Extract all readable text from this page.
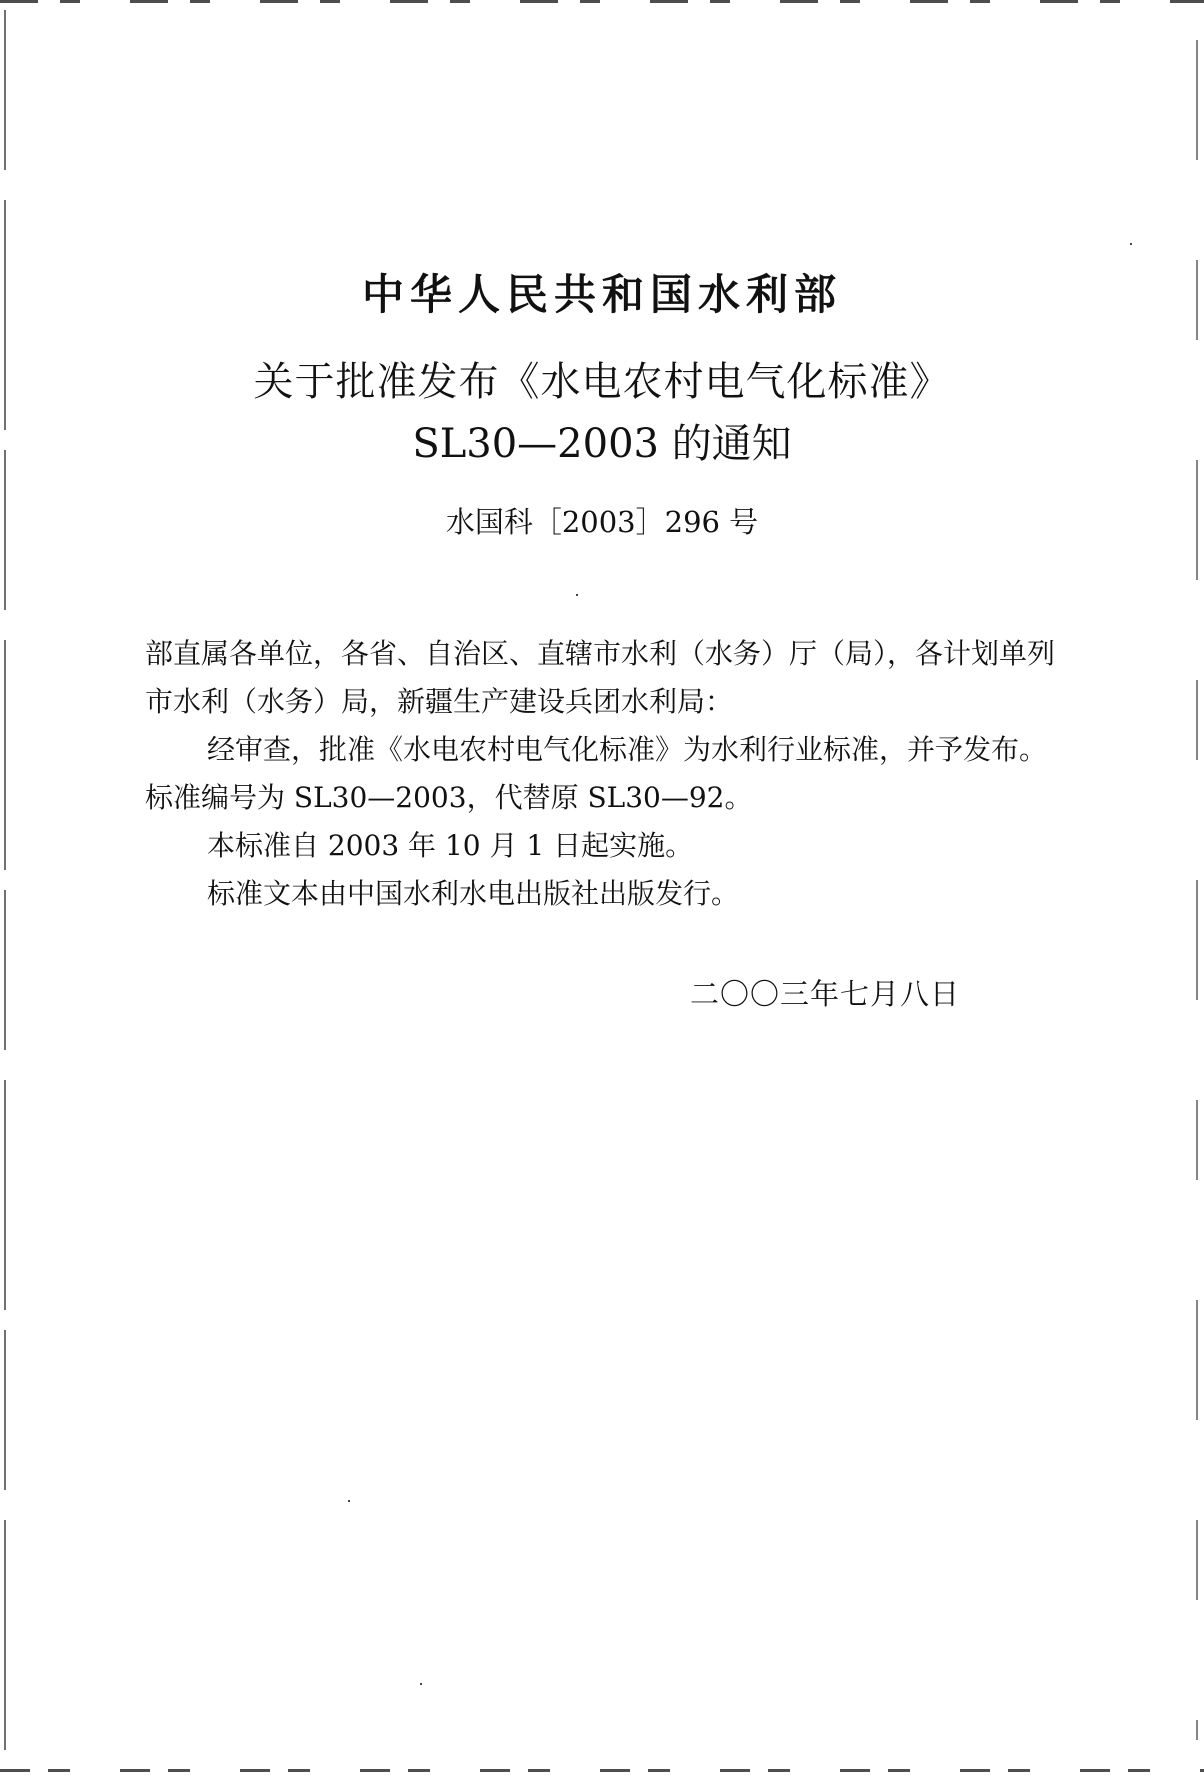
中华人民共和国水利部
关于批准发布《水电农村电气化标准》
SL30—2003 的通知
水国科［2003］296 号

部直属各单位，各省、自治区、直辖市水利（水务）厅（局），各计划单列市水利（水务）局，新疆生产建设兵团水利局：

经审查，批准《水电农村电气化标准》为水利行业标准，并予发布。标准编号为 SL30—2003，代替原 SL30—92。

本标准自 2003 年 10 月 1 日起实施。

标准文本由中国水利水电出版社出版发行。

二〇〇三年七月八日
